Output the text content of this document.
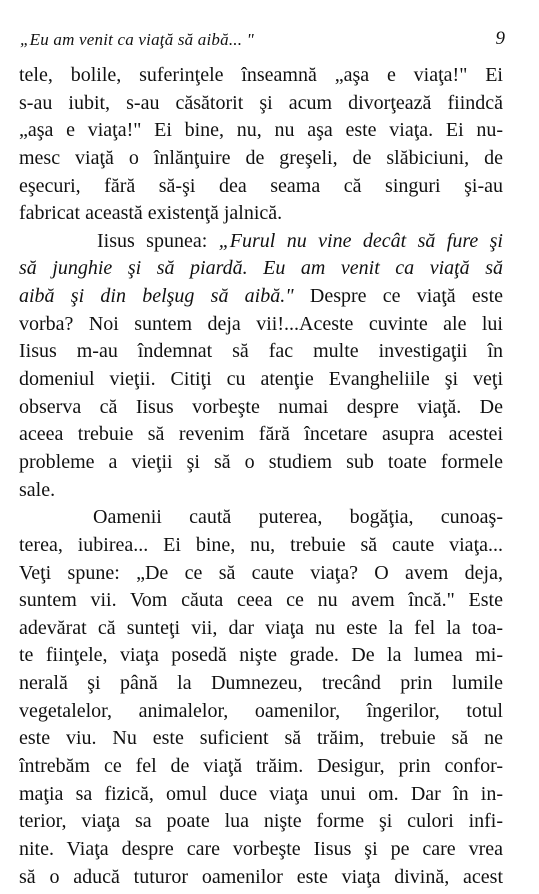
„Eu am venit ca viaţă să aibă... "	9
tele, bolile, suferinţele înseamnă „aşa e viaţa!" Ei
s-au iubit, s-au căsătorit şi acum divorţează fiindcă
„aşa e viaţa!" Ei bine, nu, nu aşa este viaţa. Ei nu-
mesc viaţă o înlănţuire de greşeli, de slăbiciuni, de
eşecuri, fără să-şi dea seama că singuri şi-au
fabricat această existenţă jalnică.
Iisus spunea: „Furul nu vine decât să fure şi
să junghie şi să piardă. Eu am venit ca viaţă să
aibă şi din belşug să aibă." Despre ce viaţă este
vorba? Noi suntem deja vii!...Aceste cuvinte ale lui
Iisus m-au îndemnat să fac multe investigaţii în
domeniul vieţii. Citiţi cu atenţie Evangheliile şi veţi
observa că Iisus vorbeşte numai despre viaţă. De
aceea trebuie să revenim fără încetare asupra acestei
probleme a vieţii şi să o studiem sub toate formele
sale.
Oamenii caută puterea, bogăţia, cunoaş-
terea, iubirea... Ei bine, nu, trebuie să caute viaţa...
Veţi spune: „De ce să caute viaţa? O avem deja,
suntem vii. Vom căuta ceea ce nu avem încă." Este
adevărat că sunteţi vii, dar viaţa nu este la fel la toa-
te fiinţele, viaţa posedă nişte grade. De la lumea mi-
nerală şi până la Dumnezeu, trecând prin lumile
vegetalelor, animalelor, oamenilor, îngerilor, totul
este viu. Nu este suficient să trăim, trebuie să ne
întrebăm ce fel de viaţă trăim. Desigur, prin confor-
maţia sa fizică, omul duce viaţa unui om. Dar în in-
terior, viaţa sa poate lua nişte forme şi culori infi-
nite. Viaţa despre care vorbeşte Iisus şi pe care vrea
să o aducă tuturor oamenilor este viaţa divină, acest
